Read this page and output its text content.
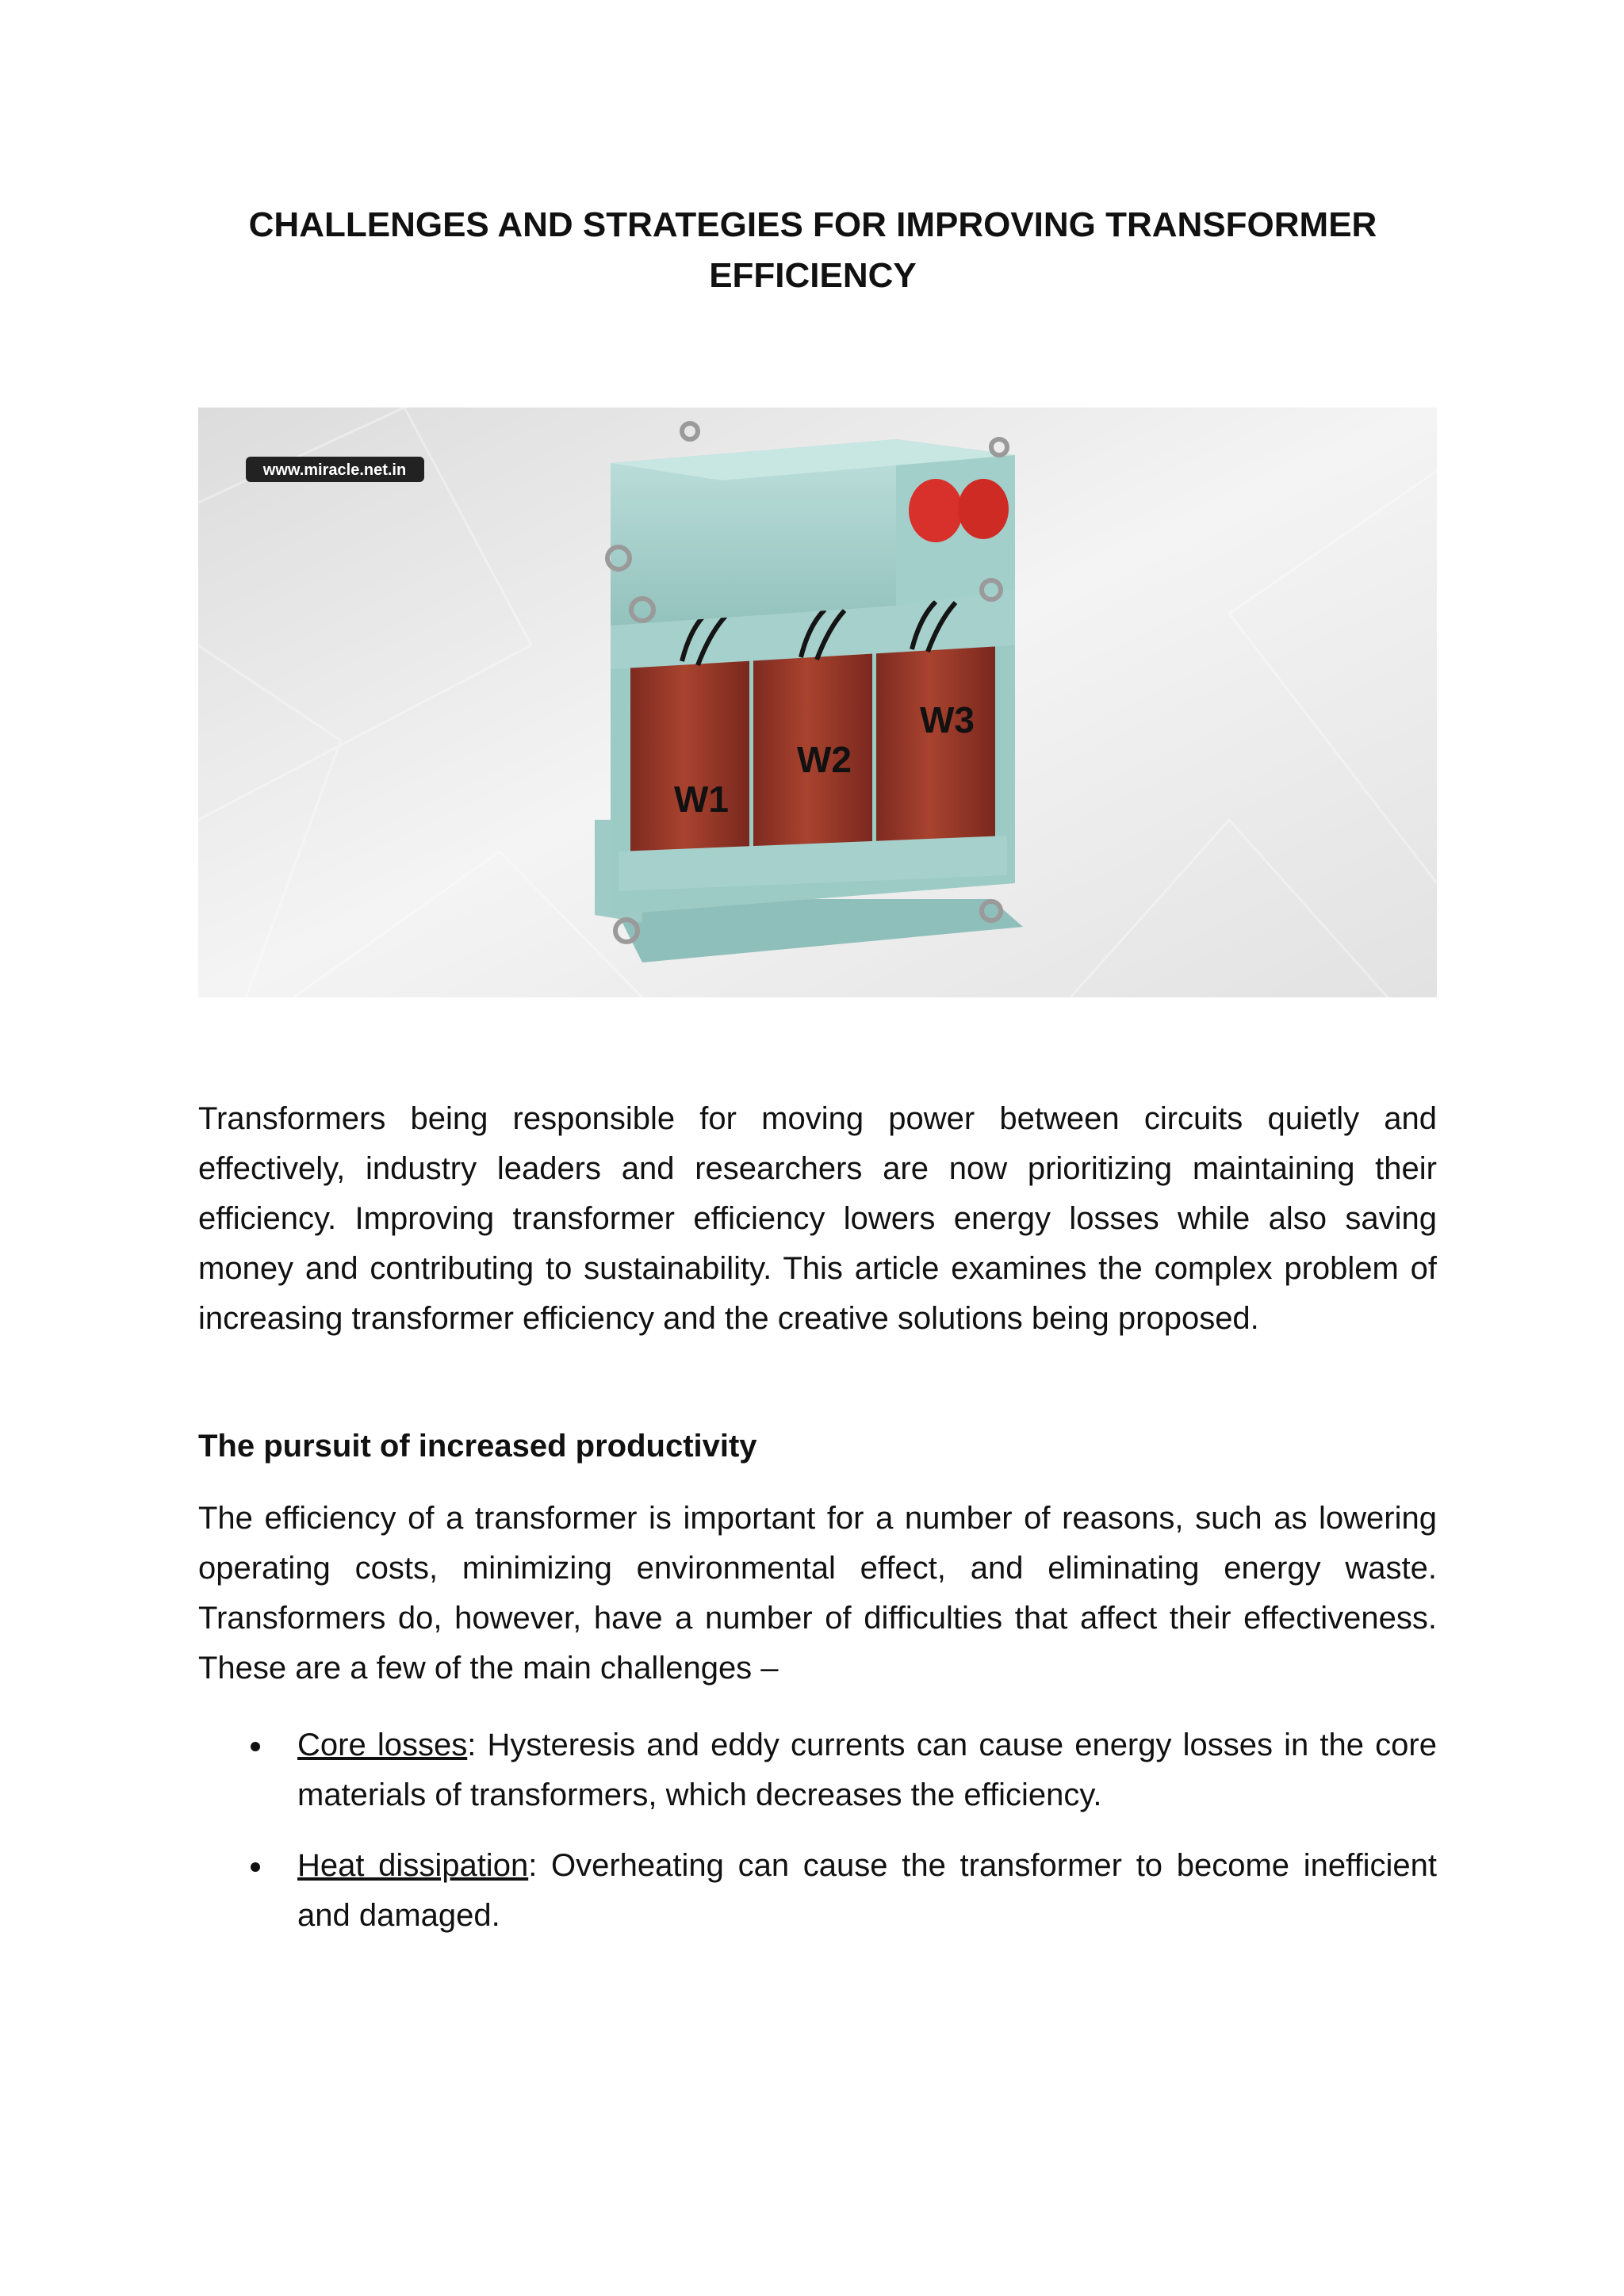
CHALLENGES AND STRATEGIES FOR IMPROVING TRANSFORMER EFFICIENCY
www.miracle.net.in
W1
W2
W3

Transformers being responsible for moving power between circuits quietly and effectively, industry leaders and researchers are now prioritizing maintaining their efficiency. Improving transformer efficiency lowers energy losses while also saving money and contributing to sustainability. This article examines the complex problem of increasing transformer efficiency and the creative solutions being proposed.

The pursuit of increased productivity

The efficiency of a transformer is important for a number of reasons, such as lowering operating costs, minimizing environmental effect, and eliminating energy waste. Transformers do, however, have a number of difficulties that affect their effectiveness. These are a few of the main challenges –

Core losses: Hysteresis and eddy currents can cause energy losses in the core materials of transformers, which decreases the efficiency.
Heat dissipation: Overheating can cause the transformer to become inefficient and damaged.
